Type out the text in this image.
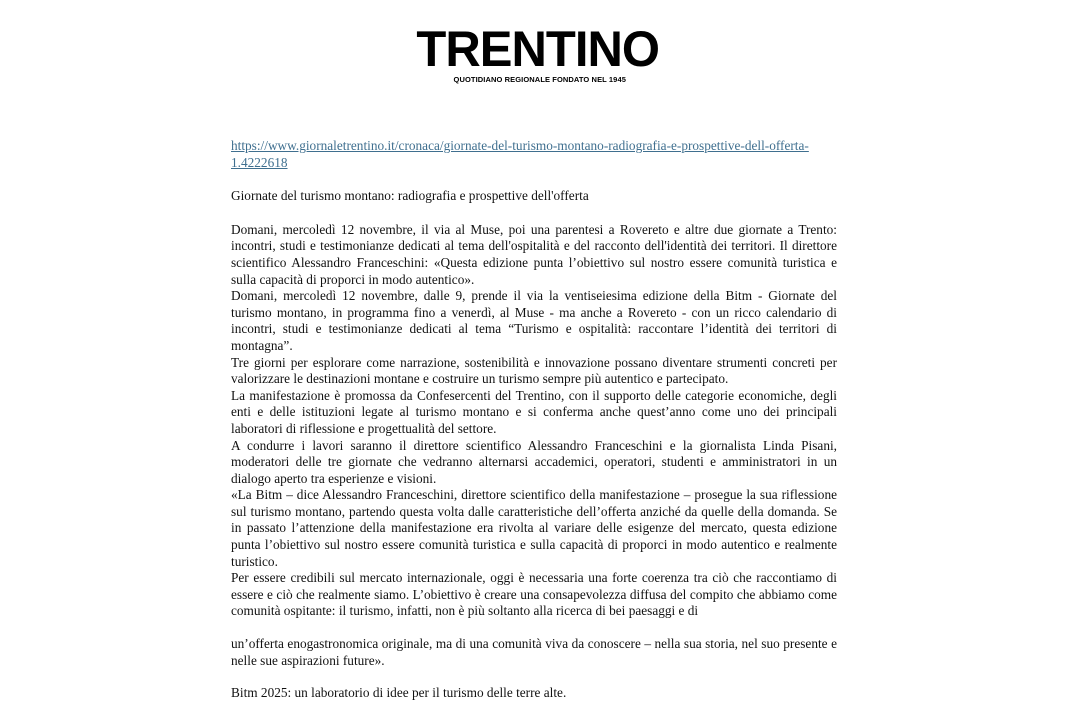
TRENTINO
QUOTIDIANO REGIONALE FONDATO NEL 1945
https://www.giornaletrentino.it/cronaca/giornate-del-turismo-montano-radiografia-e-prospettive-dell-offerta-1.4222618
Giornate del turismo montano: radiografia e prospettive dell'offerta

Domani, mercoledì 12 novembre, il via al Muse, poi una parentesi a Rovereto e altre due giornate a Trento: incontri, studi e testimonianze dedicati al tema dell'ospitalità e del racconto dell'identità dei territori. Il direttore scientifico Alessandro Franceschini: «Questa edizione punta l’obiettivo sul nostro essere comunità turistica e sulla capacità di proporci in modo autentico».

Domani, mercoledì 12 novembre, dalle 9, prende il via la ventiseiesima edizione della Bitm - Giornate del turismo montano, in programma fino a venerdì, al Muse - ma anche a Rovereto - con un ricco calendario di incontri, studi e testimonianze dedicati al tema “Turismo e ospitalità: raccontare l’identità dei territori di montagna”.

Tre giorni per esplorare come narrazione, sostenibilità e innovazione possano diventare strumenti concreti per valorizzare le destinazioni montane e costruire un turismo sempre più autentico e partecipato.

La manifestazione è promossa da Confesercenti del Trentino, con il supporto delle categorie economiche, degli enti e delle istituzioni legate al turismo montano e si conferma anche quest’anno come uno dei principali laboratori di riflessione e progettualità del settore.

A condurre i lavori saranno il direttore scientifico Alessandro Franceschini e la giornalista Linda Pisani, moderatori delle tre giornate che vedranno alternarsi accademici, operatori, studenti e amministratori in un dialogo aperto tra esperienze e visioni.

«La Bitm – dice Alessandro Franceschini, direttore scientifico della manifestazione – prosegue la sua riflessione sul turismo montano, partendo questa volta dalle caratteristiche dell’offerta anziché da quelle della domanda. Se in passato l’attenzione della manifestazione era rivolta al variare delle esigenze del mercato, questa edizione punta l’obiettivo sul nostro essere comunità turistica e sulla capacità di proporci in modo autentico e realmente turistico.

Per essere credibili sul mercato internazionale, oggi è necessaria una forte coerenza tra ciò che raccontiamo di essere e ciò che realmente siamo. L’obiettivo è creare una consapevolezza diffusa del compito che abbiamo come comunità ospitante: il turismo, infatti, non è più soltanto alla ricerca di bei paesaggi e di

un’offerta enogastronomica originale, ma di una comunità viva da conoscere – nella sua storia, nel suo presente e nelle sue aspirazioni future».

Bitm 2025: un laboratorio di idee per il turismo delle terre alte.
